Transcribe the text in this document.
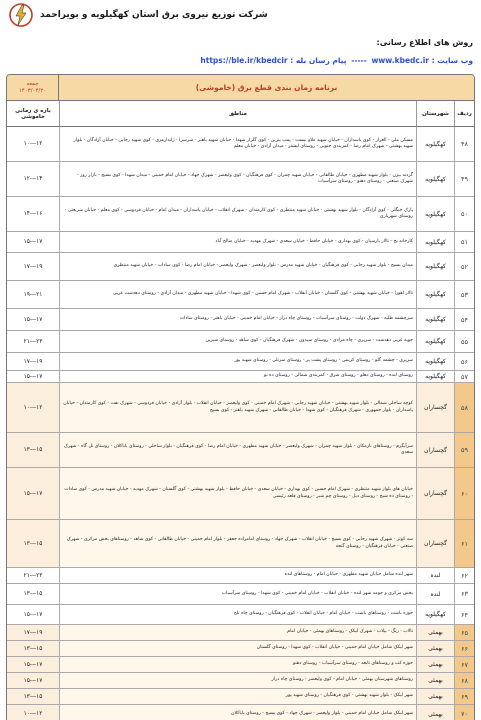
شرکت توزیع نیروی برق استان کهگیلویه و بویراحمد
روش های اطلاع رسانی:
وب سایت : www.kbedc.ir ----- پیام رسان بله : https://ble.ir/kbedcir
برنامه زمان بندی قطع برق (خاموشی)
جمعه
۱۴۰۳/۰۴/۲۰
ردیف
شهرستان
مناطق
بازه ی زمانی خاموشی
۴۸
کهگیلویه
مسکن ملی - الغزار - کوی پاسداران - خیابان شهید ملاو نیست - پمپ بنزین - کوی گلزار شهدا - خیابان شهید باهنر - سرسرا - ژاندارمری - کوی شهید رجایی - خیابان آزادگان - بلوار شهید بهشتی - شهرک امام رضا - کمربندی جنوبی - روستای لیشتر - میدان آزادی - خیابان معلم
۱۰---۱۲
۴۹
کهگیلویه
گردنه بیژن - بلوار شهید مطهری - خیابان طالقانی - خیابان شهید چمران - کوی فرهنگیان - کوی ولیعصر - شهرک جهاد - خیابان امام خمینی - میدان شهدا - کوی بسیج - بازار روز - شهرک صنعتی - روستای دهنو - روستای سرآسیاب
۱۲---۱۴
۵۰
کهگیلویه
پارک جنگلی - کوی آزادگان - بلوار شهید بهشتی - خیابان شهید منتظری - کوی کارمندان - شهرک انقلاب - خیابان پاسداران - میدان امام - خیابان فردوسی - کوی معلم - خیابان شریعتی - روستای شهریاری
۱۴---۱۶
۵۱
کهگیلویه
کارخانه یخ - تالار پارسیان - کوی بهداری - خیابان حافظ - خیابان سعدی - شهرک مهدیه - خیابان صالح آباد
۱۵---۱۷
۵۲
کهگیلویه
میدان بسیج - بلوار شهید رجایی - کوی فرهنگیان - خیابان شهید مدرس - بلوار ولیعصر - شهرک ولیعصر - خیابان امام رضا - کوی سادات - خیابان شهید منتظری
۱۷---۱۹
۵۳
کهگیلویه
تالار اهورا - خیابان شهید بهشتی - کوی گلستان - خیابان انقلاب - شهرک امام حسین - کوی شهدا - خیابان شهید مطهری - میدان آزادی - روستای دهدشت غربی
۱۹---۲۱
۵۴
کهگیلویه
سرچشمه طلیه - شهرک دولت - روستای سرآسیاب - روستای چاه دراز - خیابان امام خمینی - خیابان باهنر - روستای سادات
۱۵---۱۷
۵۵
کهگیلویه
جوبه غربی دهدشت - سرپری - چاه مرادی - روستای سیدون - شهرک فرهنگیان - کوی شاهد - روستای شیرین
۲۱---۲۳
۵۶
کهگیلویه
سرپری - چشمه گلو - روستای کریمی - روستای پشت پر - روستای سرتلی - روستای شهید پور
۱۷---۱۹
۵۷
کهگیلویه
روستای لنده - روستای دهلو - روستای شرق - کمربندی شمالی - روستای ده نو
۱۵---۱۷
۵۸
گچساران
کوچه ساحلی شمالی - بلوار شهید بهشتی - خیابان شهید رجایی - شهرک امام خمینی - کوی ولیعصر - خیابان انقلاب - بلوار آزادی - خیابان فردوسی - شهرک نفت - کوی کارمندان - خیابان پاسداران - بلوار جمهوری - شهرک فرهنگیان - کوی شهدا - خیابان طالقانی - شهرک شهید باهنر - کوی بسیج
۱۰---۱۲
۵۹
گچساران
سرآبگرم - روستاهای نازمکان - بلوار شهید چمران - شهرک ولیعصر - خیابان شهید مطهری - خیابان امام رضا - کوی فرهنگیان - بلوار ساحلی - روستای باباکلان - روستای تل گاه - شهرک سعدی
۱۳---۱۵
۶۰
گچساران
خیابان های بلوار شهید منتظری - شهرک امام حسین - کوی بهداری - خیابان سعدی - خیابان حافظ - بلوار شهید بهشتی - کوی گلستان - شهرک مهدیه - خیابان شهید مدرس - کوی سادات - روستای ده شیخ - روستای دیل - روستای چم شیر - روستای قلعه رئیسی
۱۵---۱۷
۶۱
گچساران
سد کوثر - شهرک شهید رجایی - کوی بسیج - خیابان انقلاب - شهرک جهاد - روستای امامزاده جعفر - بلوار امام خمینی - خیابان طالقانی - کوی شاهد - روستاهای بخش مرکزی - شهرک صنعتی - خیابان فرهنگیان - روستای گنجه
۱۳---۱۵
۶۲
لنده
شهر لنده شامل خیابان شهید مطهری - خیابان امام - روستاهای لنده
۲۱---۲۳
۶۳
لنده
بخش مرکزی و حومه شهر لنده - خیابان انقلاب - خیابان امام خمینی - کوی شهدا - روستای سرآسیاب
۱۳---۱۵
۶۴
کهگیلویه
حوزه باشت - روستاهای باشت - خیابان امام - خیابان انقلاب - کوی فرهنگیان - روستای چاه تلخ
۱۵---۱۷
۶۵
بهمئی
تالاب - ریگ - بیلاب - شهرک لیکک - روستاهای بهمئی - خیابان امام
۱۷---۱۹
۶۶
بهمئی
شهر لیکک شامل خیابان امام خمینی - خیابان انقلاب - کوی شهدا - روستای گلستان
۱۳---۱۵
۶۷
بهمئی
حوزه کت و روستاهای تابعه - روستای سرآسیاب - روستای دهنو
۱۵---۱۷
۶۸
بهمئی
روستاهای شهرستان بهمئی - خیابان امام - کوی ولیعصر - روستای چاه دراز
۱۵---۱۷
۶۹
بهمئی
شهر لیکک - بلوار شهید بهشتی - کوی فرهنگیان - روستای شهید پور
۱۳---۱۵
۷۰
بهمئی
شهر لیکک شامل خیابان امام خمینی - بلوار ولیعصر - شهرک جهاد - کوی بسیج - روستای باباکلان
۱۰---۱۲
